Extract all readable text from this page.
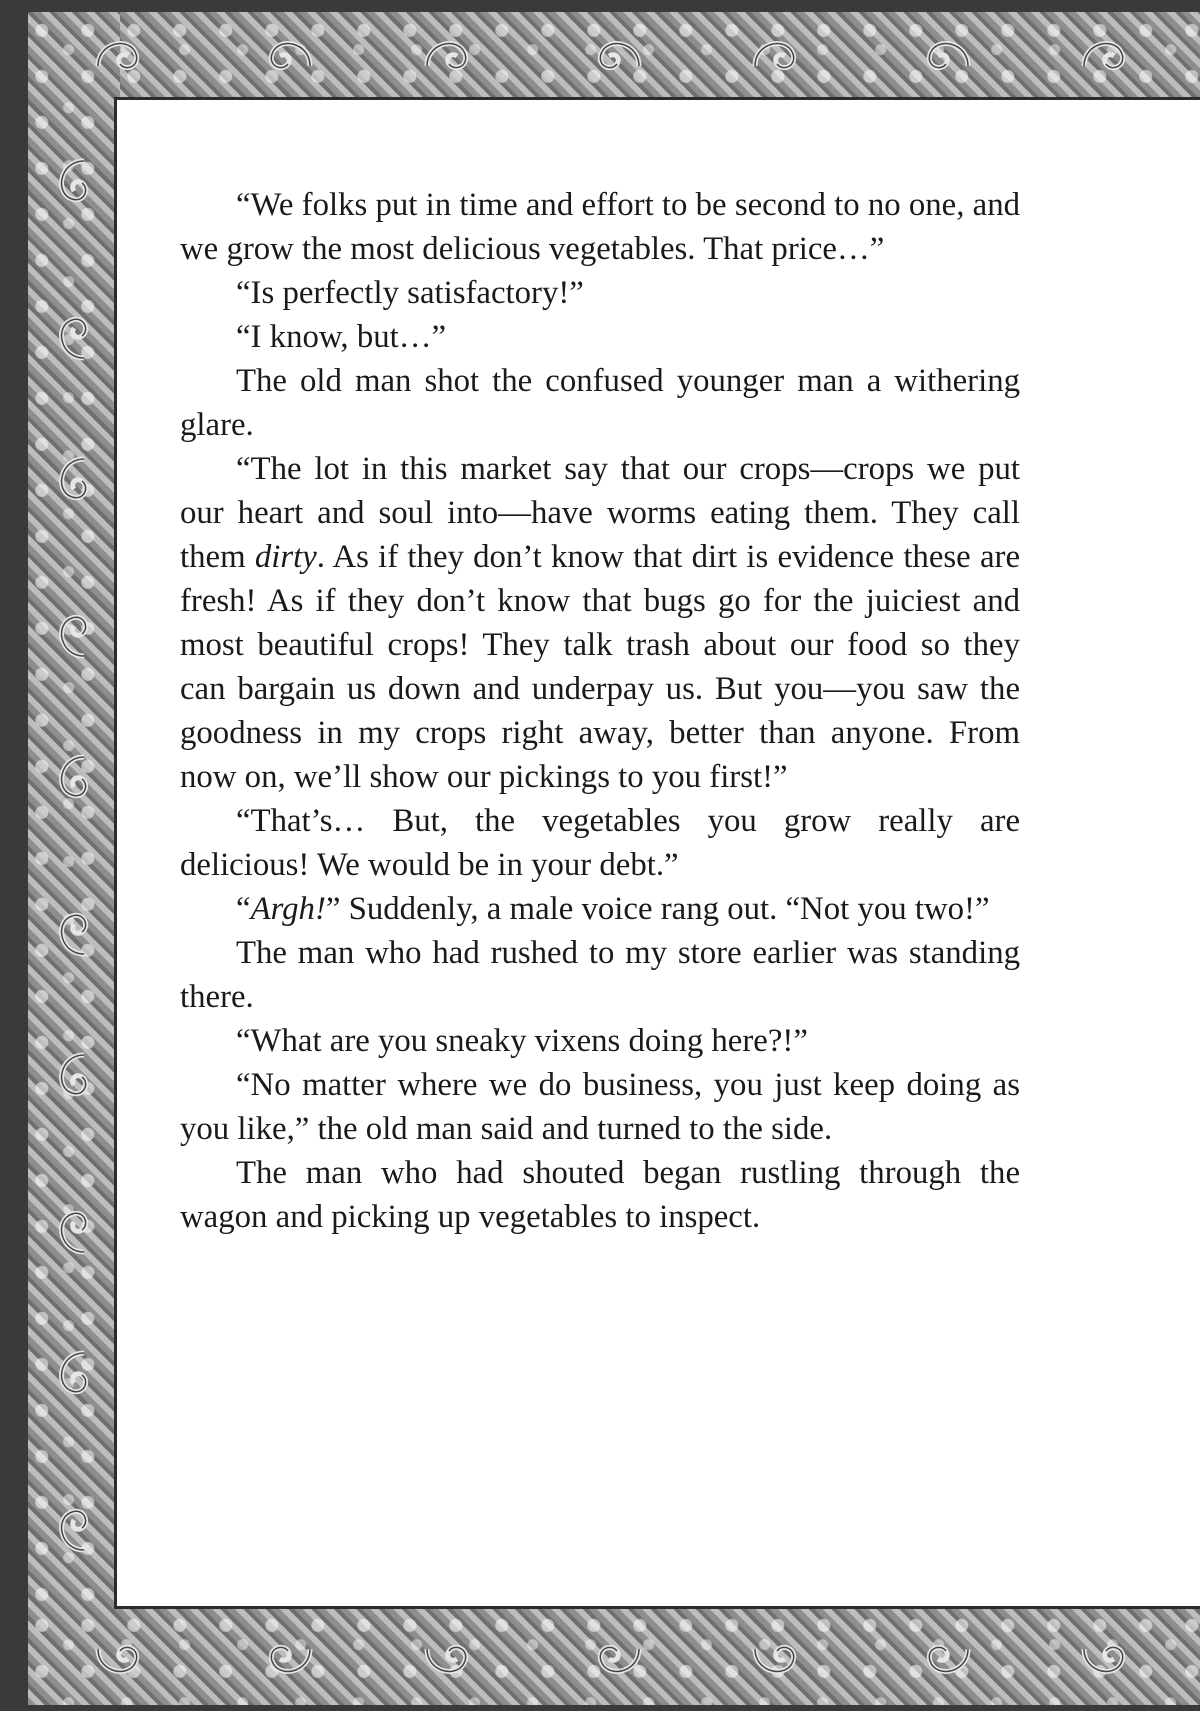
“We folks put in time and effort to be second to no one, and we grow the most delicious vegetables. That price…”

“Is perfectly satisfactory!”

“I know, but…”

The old man shot the confused younger man a withering glare.

“The lot in this market say that our crops—crops we put our heart and soul into—have worms eating them. They call them dirty. As if they don’t know that dirt is evidence these are fresh! As if they don’t know that bugs go for the juiciest and most beautiful crops! They talk trash about our food so they can bargain us down and underpay us. But you—you saw the goodness in my crops right away, better than anyone. From now on, we’ll show our pickings to you first!”

“That’s… But, the vegetables you grow really are delicious! We would be in your debt.”

“Argh!” Suddenly, a male voice rang out. “Not you two!”

The man who had rushed to my store earlier was standing there.

“What are you sneaky vixens doing here?!”

“No matter where we do business, you just keep doing as you like,” the old man said and turned to the side.

The man who had shouted began rustling through the wagon and picking up vegetables to inspect.
